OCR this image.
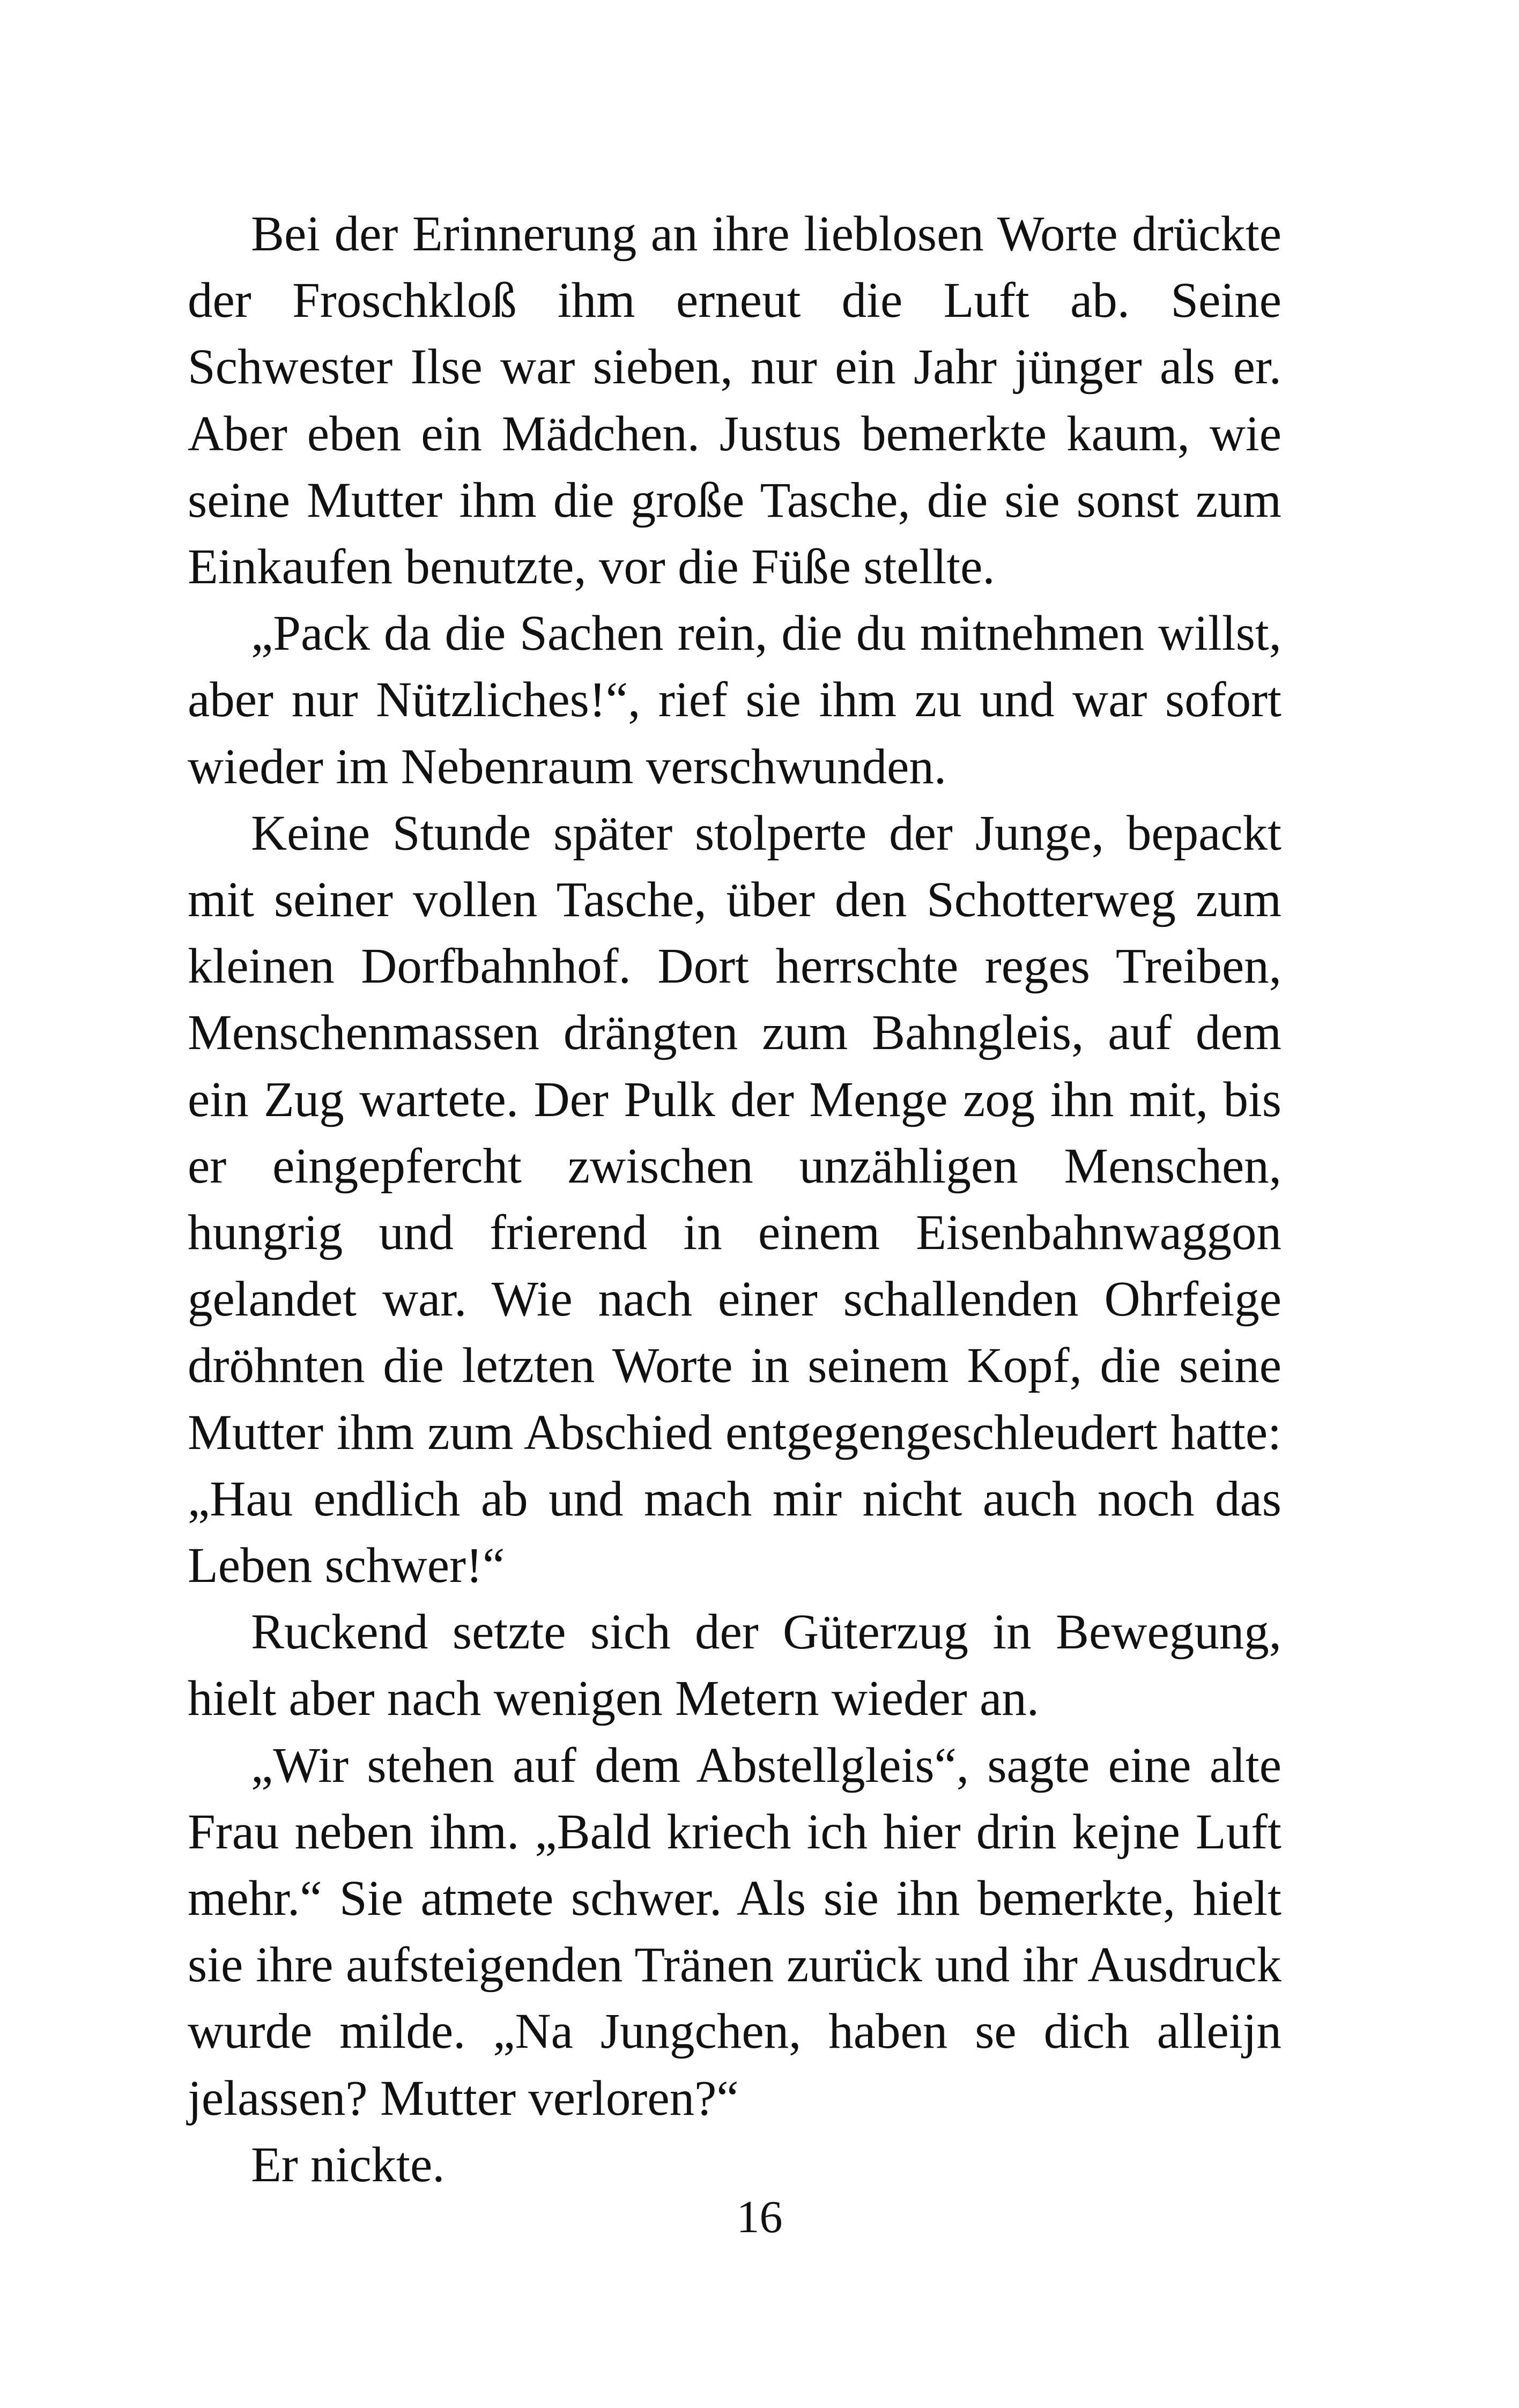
Bei der Erinnerung an ihre lieblosen Worte drückte der Froschkloß ihm erneut die Luft ab. Seine Schwester Ilse war sieben, nur ein Jahr jünger als er. Aber eben ein Mädchen. Justus bemerkte kaum, wie seine Mutter ihm die große Tasche, die sie sonst zum Einkaufen benutzte, vor die Füße stellte.

„Pack da die Sachen rein, die du mitnehmen willst, aber nur Nützliches!“, rief sie ihm zu und war sofort wieder im Nebenraum verschwunden.

Keine Stunde später stolperte der Junge, bepackt mit seiner vollen Tasche, über den Schotterweg zum kleinen Dorfbahnhof. Dort herrschte reges Treiben, Menschenmassen drängten zum Bahngleis, auf dem ein Zug wartete. Der Pulk der Menge zog ihn mit, bis er eingepfercht zwischen unzähligen Menschen, hungrig und frierend in einem Eisenbahnwaggon gelandet war. Wie nach einer schallenden Ohrfeige dröhnten die letzten Worte in seinem Kopf, die seine Mutter ihm zum Abschied entgegengeschleudert hatte: „Hau endlich ab und mach mir nicht auch noch das Leben schwer!“

Ruckend setzte sich der Güterzug in Bewegung, hielt aber nach wenigen Metern wieder an.

„Wir stehen auf dem Abstellgleis“, sagte eine alte Frau neben ihm. „Bald kriech ich hier drin kejne Luft mehr.“ Sie atmete schwer. Als sie ihn bemerkte, hielt sie ihre aufsteigenden Tränen zurück und ihr Ausdruck wurde milde. „Na Jungchen, haben se dich alleijn jelassen? Mutter verloren?“

Er nickte.

16
